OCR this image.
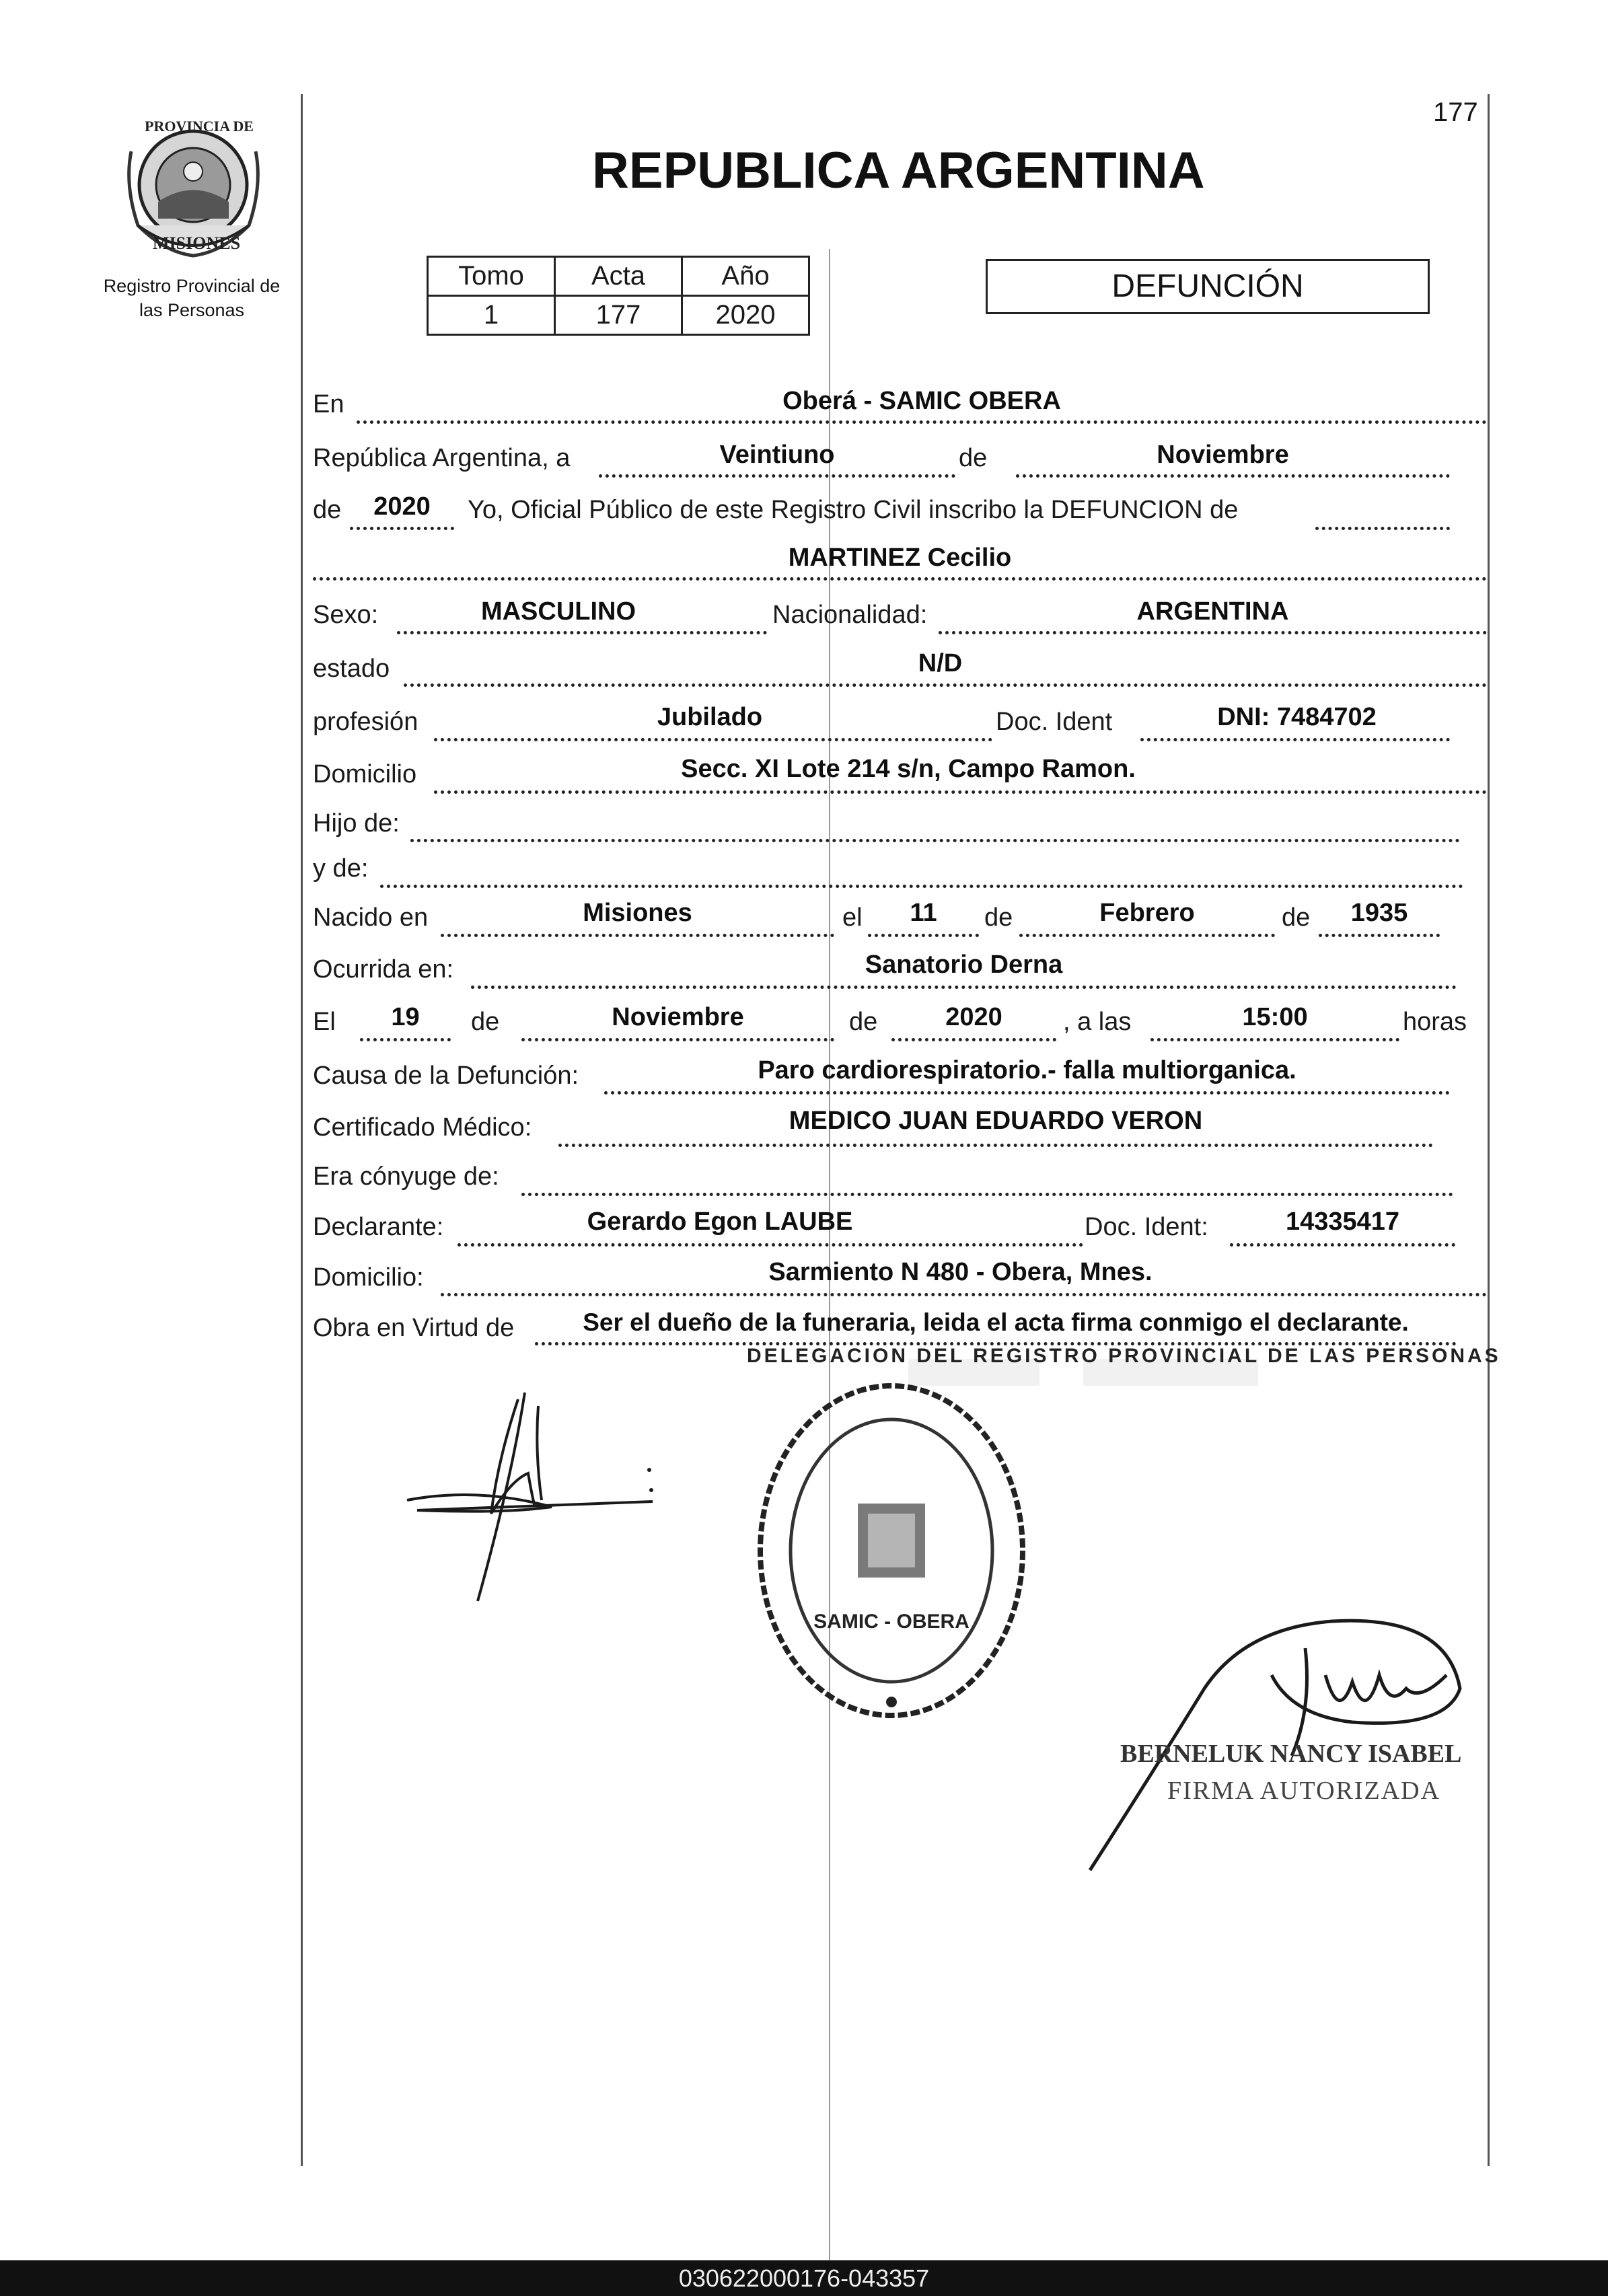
177
PROVINCIA DE
MISIONES
Registro Provincial de
las Personas
REPUBLICA ARGENTINA
Tomo	Acta	Año
1	177	2020
DEFUNCIÓN
En	Oberá - SAMIC OBERA
República Argentina, a	Veintiuno	de	Noviembre
de	2020	Yo, Oficial Público de este Registro Civil inscribo la DEFUNCION de
MARTINEZ Cecilio
Sexo:	MASCULINO	Nacionalidad:	ARGENTINA
estado	N/D
profesión	Jubilado	Doc. Ident	DNI: 7484702
Domicilio	Secc. XI Lote 214 s/n, Campo Ramon.
Hijo de:
y de:
Nacido en	Misiones	el	11	de	Febrero	de	1935
Ocurrida en:	Sanatorio Derna
El	19	de	Noviembre	de	2020	, a las	15:00	horas
Causa de la Defunción:	Paro cardiorespiratorio.- falla multiorganica.
Certificado Médico:	MEDICO JUAN EDUARDO VERON
Era cónyuge de:
Declarante:	Gerardo Egon LAUBE	Doc. Ident:	14335417
Domicilio:	Sarmiento N 480 - Obera, Mnes.
Obra en Virtud de	Ser el dueño de la funeraria, leida el acta firma conmigo el declarante.
DELEGACION DEL REGISTRO PROVINCIAL DE LAS PERSONAS
SAMIC - OBERA
BERNELUK NANCY ISABEL
FIRMA AUTORIZADA
030622000176-043357
